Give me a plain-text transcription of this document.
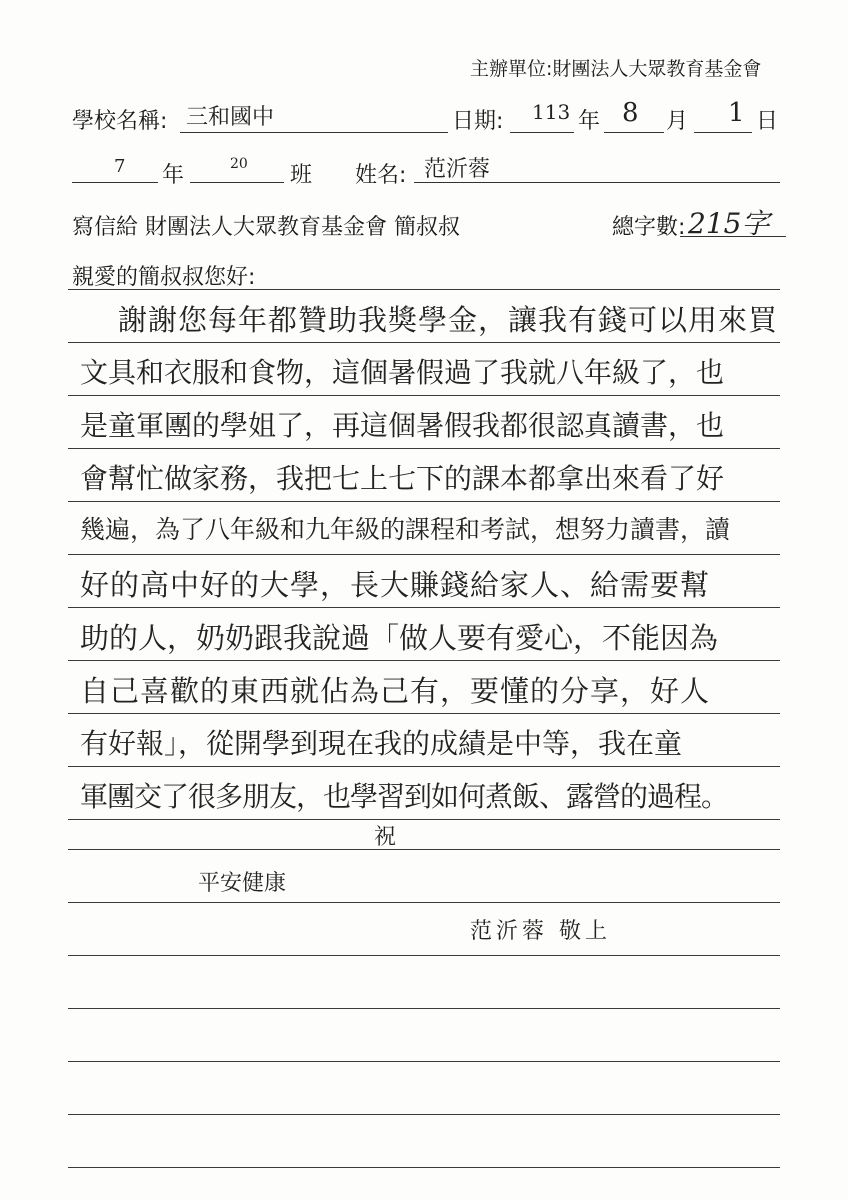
主辦單位:財團法人大眾教育基金會
學校名稱: 三和國中	日期: 113 年 8 月 1 日
7 年	20 班 姓名: 范沂蓉
寫信給 財團法人大眾教育基金會 簡叔叔	總字數: 215字
親愛的簡叔叔您好:
謝謝您每年都贊助我獎學金，讓我有錢可以用來買
文具和衣服和食物，這個暑假過了我就八年級了，也
是童軍團的學姐了，再這個暑假我都很認真讀書，也
會幫忙做家務，我把七上七下的課本都拿出來看了好
幾遍，為了八年級和九年級的課程和考試，想努力讀書，讀
好的高中好的大學，長大賺錢給家人、給需要幫
助的人，奶奶跟我說過「做人要有愛心，不能因為
自己喜歡的東西就佔為己有，要懂的分享，好人
有好報」，從開學到現在我的成績是中等，我在童
軍團交了很多朋友，也學習到如何煮飯、露營的過程。
祝
平安健康
范沂蓉 敬上
